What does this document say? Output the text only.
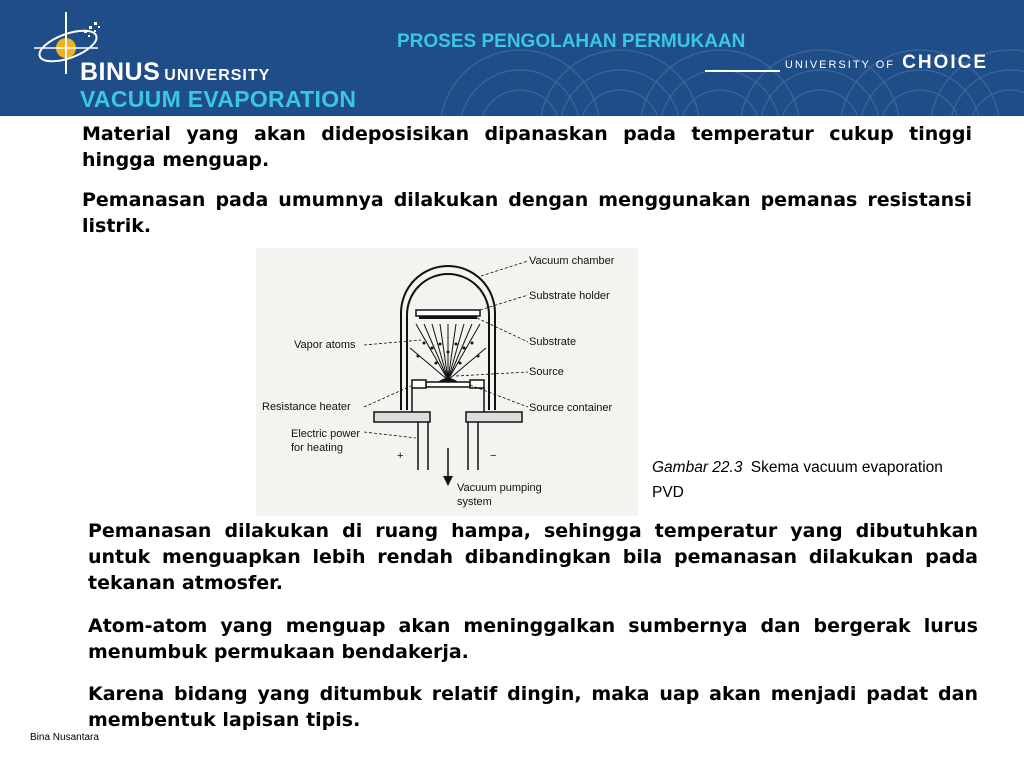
BINUS UNIVERSITY
UNIVERSITY OF CHOICE
PROSES PENGOLAHAN PERMUKAAN
VACUUM EVAPORATION

Material yang akan dideposisikan dipanaskan pada temperatur cukup tinggi hingga menguap.

Pemanasan pada umumnya dilakukan dengan menggunakan pemanas resistansi listrik.

Vacuum chamber
Substrate holder
Substrate
Source
Source container
Vapor atoms
Resistance heater
Electric power
for heating
+	−
Vacuum pumping
system
Gambar 22.3 Skema vacuum evaporation PVD

Pemanasan dilakukan di ruang hampa, sehingga temperatur yang dibutuhkan untuk menguapkan lebih rendah dibandingkan bila pemanasan dilakukan pada tekanan atmosfer.

Atom-atom yang menguap akan meninggalkan sumbernya dan bergerak lurus menumbuk permukaan bendakerja.

Karena bidang yang ditumbuk relatif dingin, maka uap akan menjadi padat dan membentuk lapisan tipis.

Bina Nusantara
